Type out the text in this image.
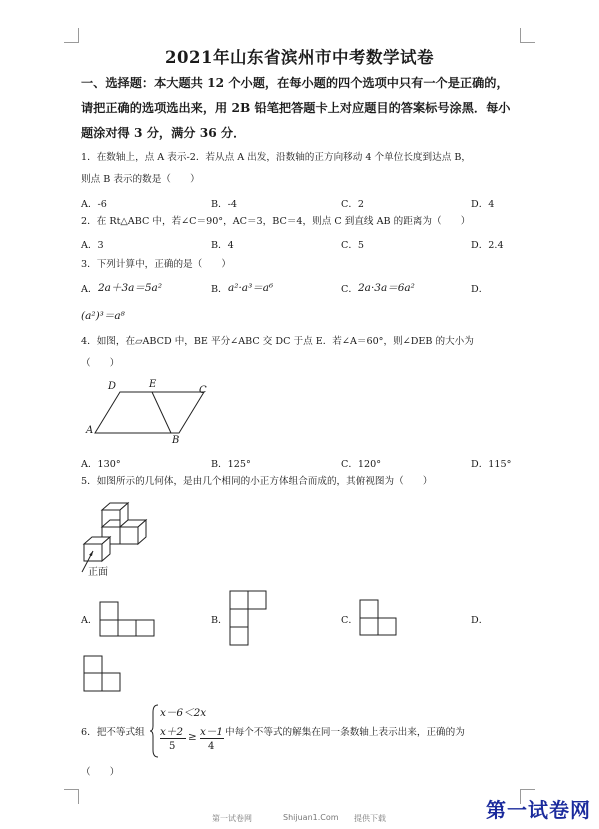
2021年山东省滨州市中考数学试卷
一、选择题：本大题共 12 个小题，在每小题的四个选项中只有一个是正确的，
请把正确的选项选出来，用 2B 铅笔把答题卡上对应题目的答案标号涂黑．每小
题涂对得 3 分，满分 36 分．
1．在数轴上，点 A 表示-2．若从点 A 出发，沿数轴的正方向移动 4 个单位长度到达点 B，
则点 B 表示的数是（　　）
A．-6	B．-4	C．2	D．4
2．在 Rt△ABC 中，若∠C＝90°，AC＝3，BC＝4，则点 C 到直线 AB 的距离为（　　）
A．3	B．4	C．5	D．2.4
3．下列计算中，正确的是（　　）
A． 2a＋3a＝5a²	B． a²·a³＝a⁶	C． 2a·3a＝6a²	D．
(a²)³＝a⁸
4．如图，在▱ABCD 中，BE 平分∠ABC 交 DC 于点 E．若∠A＝60°，则∠DEB 的大小为
（　　）
A
B
C
D	E
A．130°	B．125°	C．120°	D．115°
5．如图所示的几何体，是由几个相同的小正方体组合而成的，其俯视图为（　　）
正面
A．	B．	C．	D．
6．把不等式组
x－6＜2x
x＋2
5
≥ x－1
4
中每个不等式的解集在同一条数轴上表示出来，正确的为
（　　）
第一试卷网	Shijuan1.Com 提供下载	第一试卷网
